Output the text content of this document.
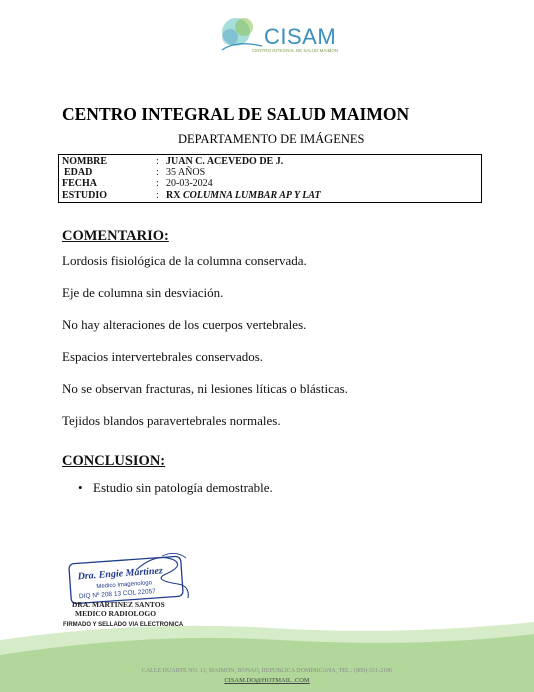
CISAM
CENTRO INTEGRAL DE SALUD MAIMON
CENTRO INTEGRAL DE SALUD MAIMON
DEPARTAMENTO DE IMÁGENES
NOMBRE	: JUAN C. ACEVEDO DE J.
EDAD	: 35 AÑOS
FECHA	: 20-03-2024
ESTUDIO	: RX COLUMNA LUMBAR AP Y LAT
COMENTARIO:
Lordosis fisiológica de la columna conservada.
Eje de columna sin desviación.
No hay alteraciones de los cuerpos vertebrales.
Espacios intervertebrales conservados.
No se observan fracturas, ni lesiones líticas o blásticas.
Tejidos blandos paravertebrales normales.
CONCLUSION:
• Estudio sin patología demostrable.
Dra. Engie Martinez
Medico Imagenologo
DIQ Nº 208 13 COL 22057
DRA. MARTINEZ SANTOS
MEDICO RADIOLOGO
FIRMADO Y SELLADO VIA ELECTRONICA
CALLE DUARTE NO. 13, MAIMÓN, BONAO, REPUBLICA DOMINICANA, TEL.: (809)-551-2196
CISAM.DO@HOTMAIL .COM
